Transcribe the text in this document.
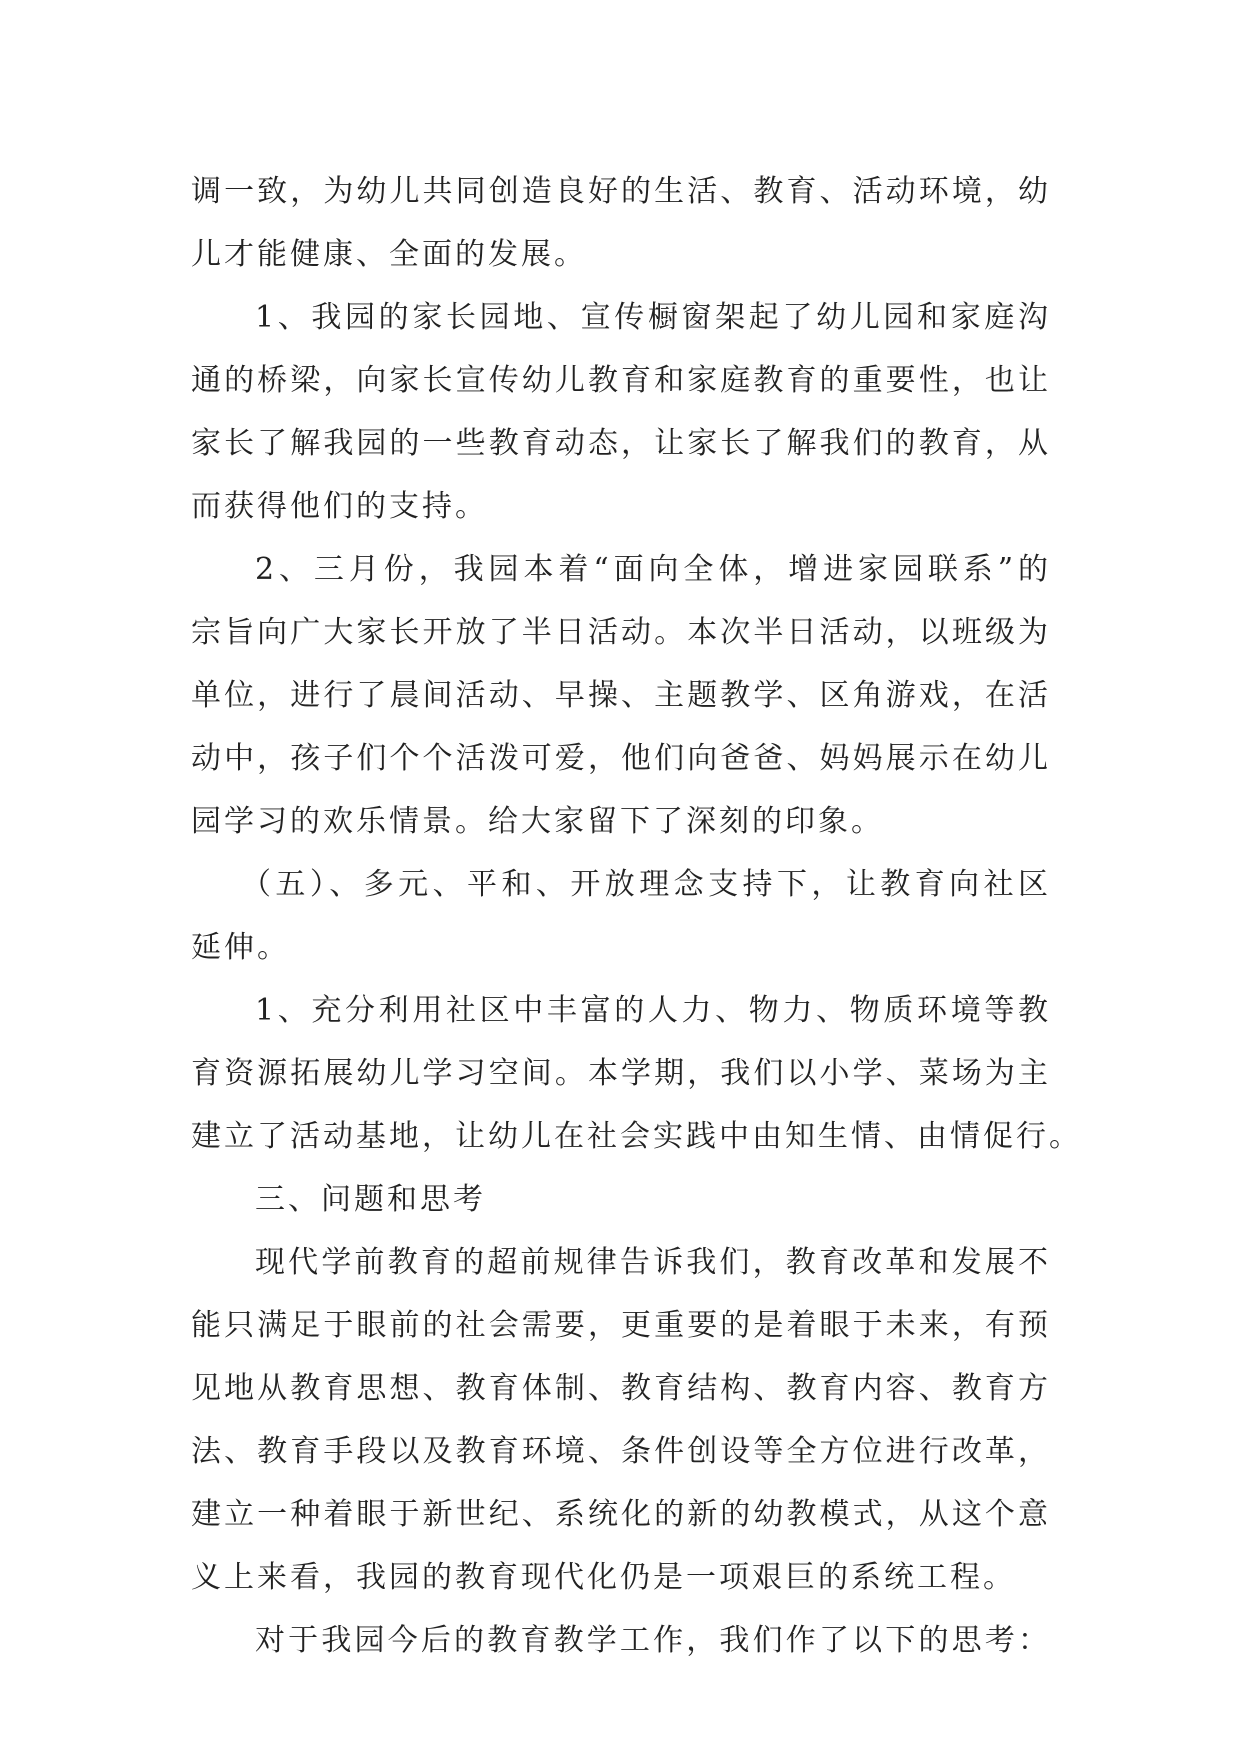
调一致，为幼儿共同创造良好的生活、教育、活动环境，幼
儿才能健康、全面的发展。
1、我园的家长园地、宣传橱窗架起了幼儿园和家庭沟
通的桥梁，向家长宣传幼儿教育和家庭教育的重要性，也让
家长了解我园的一些教育动态，让家长了解我们的教育，从
而获得他们的支持。
2、三月份，我园本着“面向全体，增进家园联系”的
宗旨向广大家长开放了半日活动。本次半日活动，以班级为
单位，进行了晨间活动、早操、主题教学、区角游戏，在活
动中，孩子们个个活泼可爱，他们向爸爸、妈妈展示在幼儿
园学习的欢乐情景。给大家留下了深刻的印象。
（五）、多元、平和、开放理念支持下，让教育向社区
延伸。
1、充分利用社区中丰富的人力、物力、物质环境等教
育资源拓展幼儿学习空间。本学期，我们以小学、菜场为主
建立了活动基地，让幼儿在社会实践中由知生情、由情促行。
三、问题和思考
现代学前教育的超前规律告诉我们，教育改革和发展不
能只满足于眼前的社会需要，更重要的是着眼于未来，有预
见地从教育思想、教育体制、教育结构、教育内容、教育方
法、教育手段以及教育环境、条件创设等全方位进行改革，
建立一种着眼于新世纪、系统化的新的幼教模式，从这个意
义上来看，我园的教育现代化仍是一项艰巨的系统工程。
对于我园今后的教育教学工作，我们作了以下的思考：
